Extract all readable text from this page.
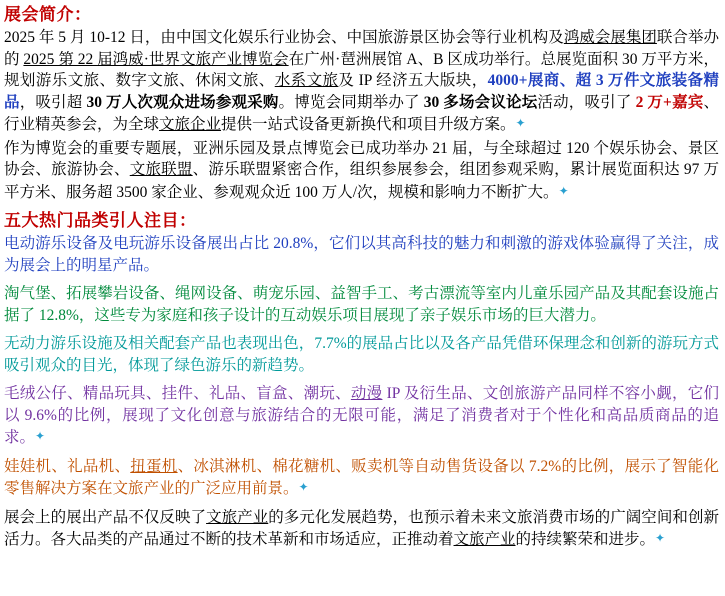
展会简介：

2025 年 5 月 10-12 日，由中国文化娱乐行业协会、中国旅游景区协会等行业机构及鸿威会展集团联合举办的 2025 第 22 届鸿威·世界文旅产业博览会在广州·琶洲展馆 A、B 区成功举行。总展览面积 30 万平方米，规划游乐文旅、数字文旅、休闲文旅、水系文旅及 IP 经济五大版块，4000+展商、超 3 万件文旅装备精品，吸引超 30 万人次观众进场参观采购。博览会同期举办了 30 多场会议论坛活动，吸引了 2 万+嘉宾、行业精英参会，为全球文旅企业提供一站式设备更新换代和项目升级方案。✦

作为博览会的重要专题展，亚洲乐园及景点博览会已成功举办 21 届，与全球超过 120 个娱乐协会、景区协会、旅游协会、文旅联盟、游乐联盟紧密合作，组织参展参会，组团参观采购，累计展览面积达 97 万平方米、服务超 3500 家企业、参观观众近 100 万人/次，规模和影响力不断扩大。✦

五大热门品类引人注目：

电动游乐设备及电玩游乐设备展出占比 20.8%，它们以其高科技的魅力和刺激的游戏体验赢得了关注，成为展会上的明星产品。

淘气堡、拓展攀岩设备、绳网设备、萌宠乐园、益智手工、考古漂流等室内儿童乐园产品及其配套设施占据了 12.8%，这些专为家庭和孩子设计的互动娱乐项目展现了亲子娱乐市场的巨大潜力。

无动力游乐设施及相关配套产品也表现出色，7.7%的展品占比以及各产品凭借环保理念和创新的游玩方式吸引观众的目光，体现了绿色游乐的新趋势。

毛绒公仔、精品玩具、挂件、礼品、盲盒、潮玩、动漫 IP 及衍生品、文创旅游产品同样不容小觑，它们以 9.6%的比例，展现了文化创意与旅游结合的无限可能，满足了消费者对于个性化和高品质商品的追求。✦

娃娃机、礼品机、扭蛋机、冰淇淋机、棉花糖机、贩卖机等自动售货设备以 7.2%的比例，展示了智能化零售解决方案在文旅产业的广泛应用前景。✦

展会上的展出产品不仅反映了文旅产业的多元化发展趋势，也预示着未来文旅消费市场的广阔空间和创新活力。各大品类的产品通过不断的技术革新和市场适应，正推动着文旅产业的持续繁荣和进步。✦
